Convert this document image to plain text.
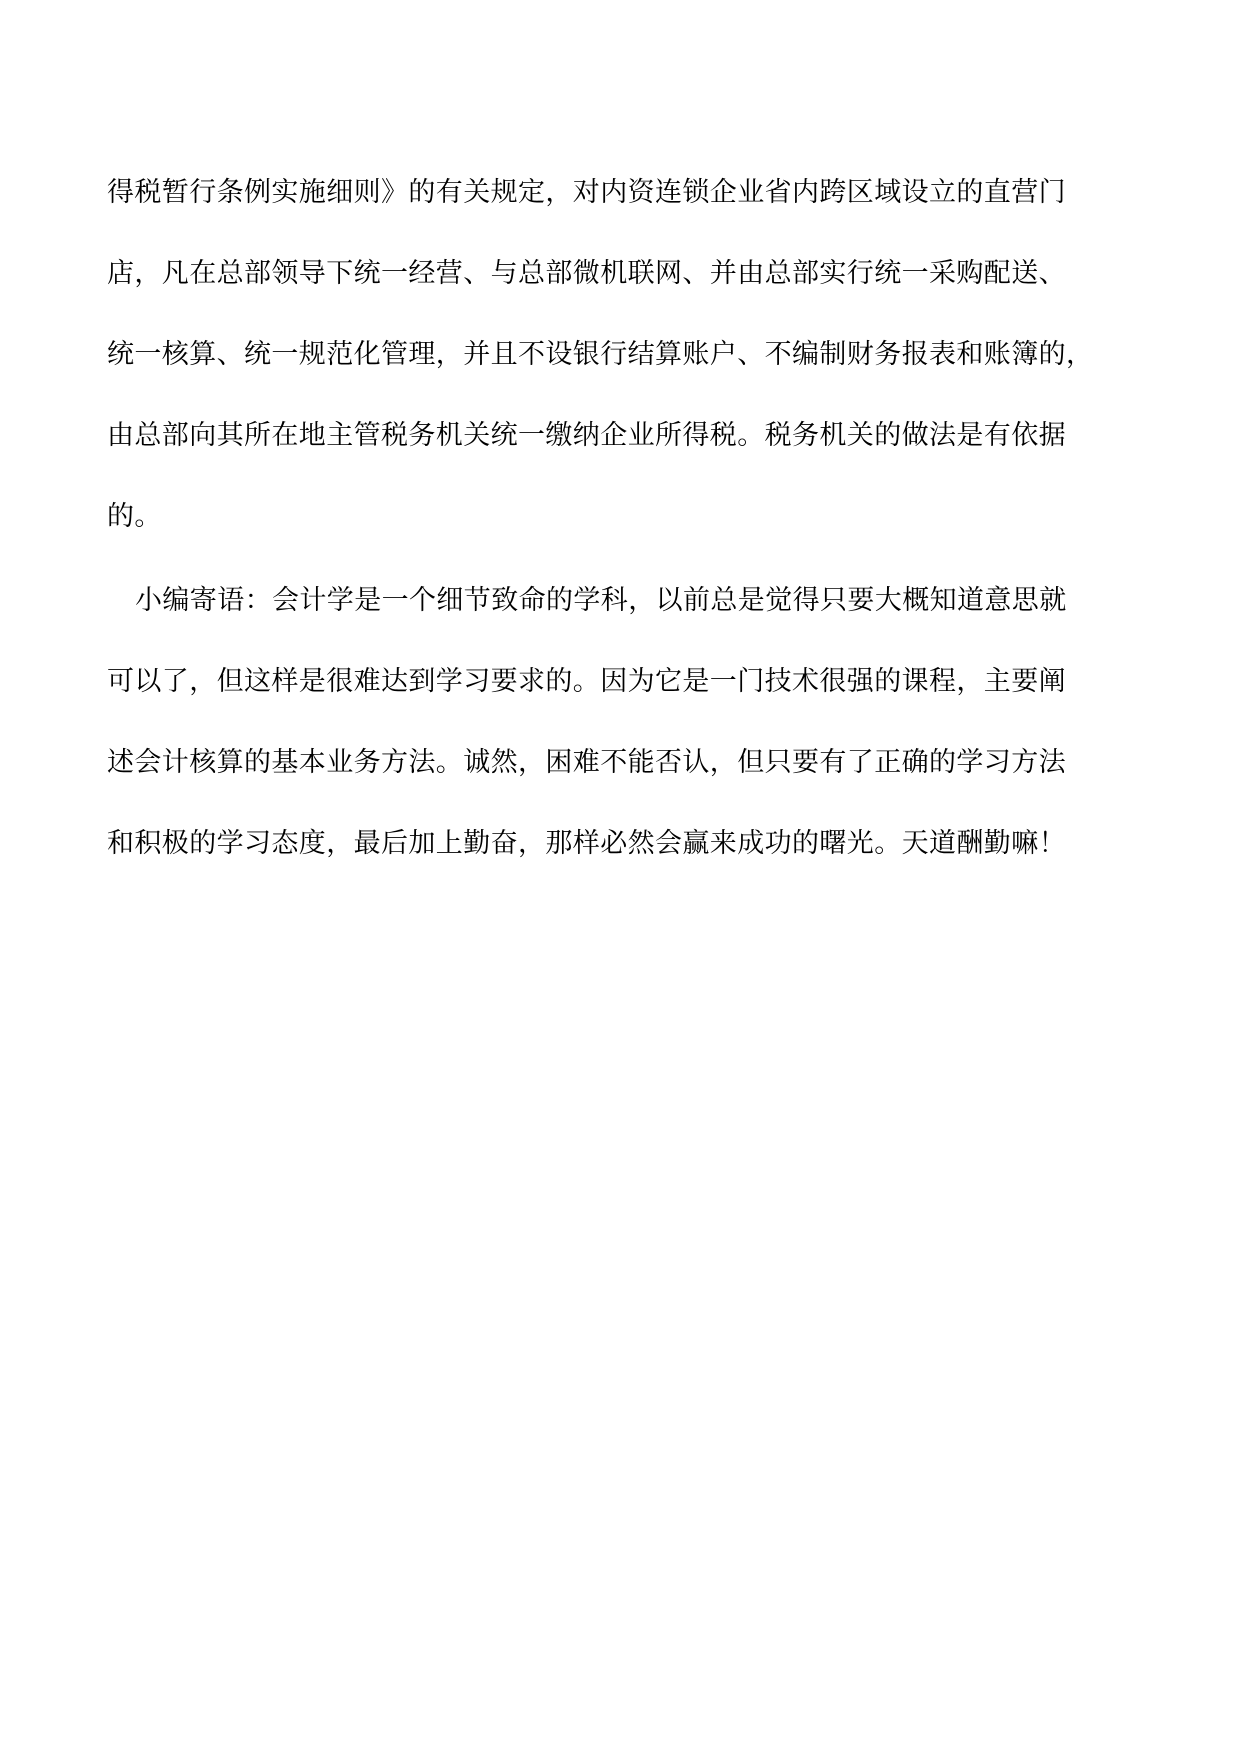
得税暂行条例实施细则》的有关规定，对内资连锁企业省内跨区域设立的直营门
店，凡在总部领导下统一经营、与总部微机联网、并由总部实行统一采购配送、
统一核算、统一规范化管理，并且不设银行结算账户、不编制财务报表和账簿的，
由总部向其所在地主管税务机关统一缴纳企业所得税。税务机关的做法是有依据
的。
小编寄语：会计学是一个细节致命的学科，以前总是觉得只要大概知道意思就
可以了，但这样是很难达到学习要求的。因为它是一门技术很强的课程，主要阐
述会计核算的基本业务方法。诚然，困难不能否认，但只要有了正确的学习方法
和积极的学习态度，最后加上勤奋，那样必然会赢来成功的曙光。天道酬勤嘛！
